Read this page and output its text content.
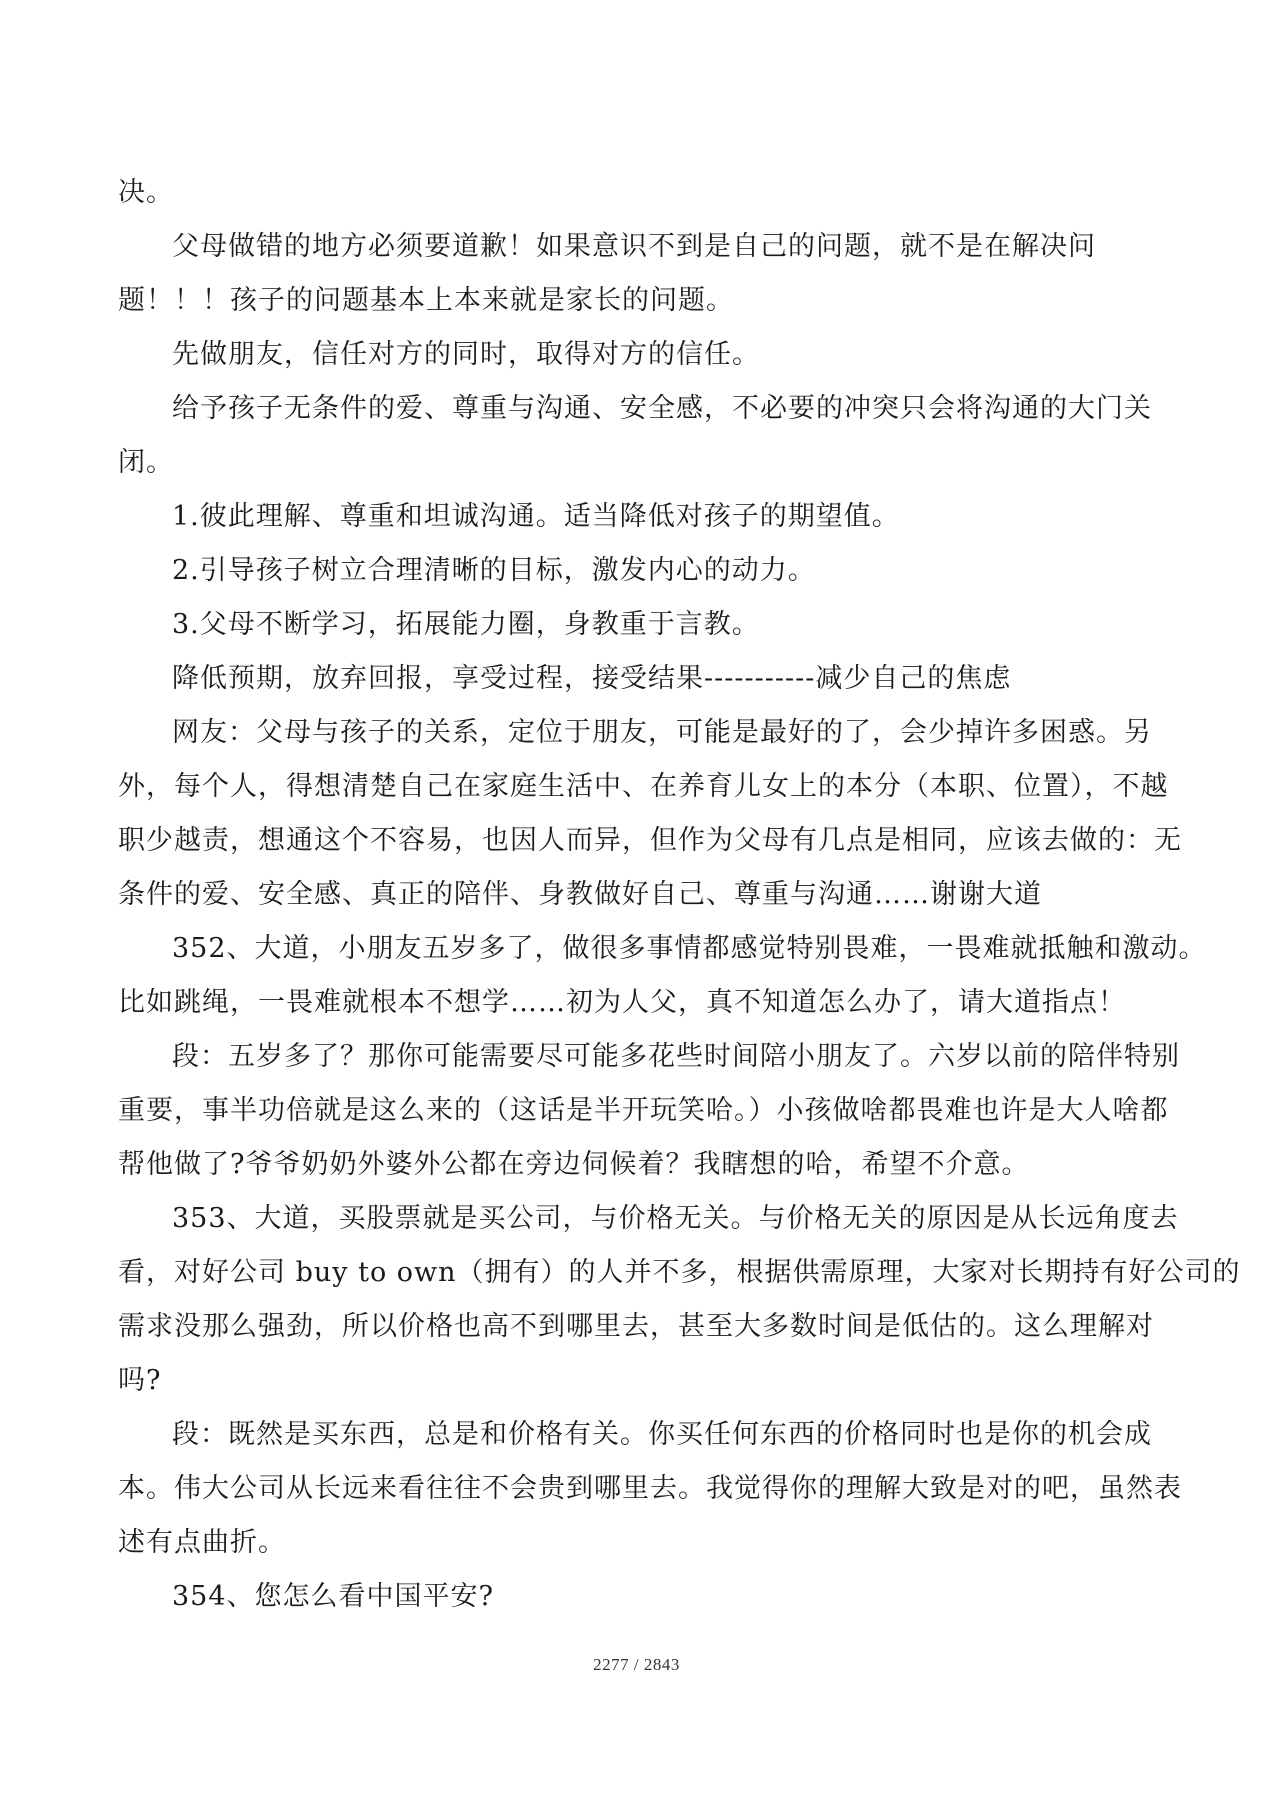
决。

父母做错的地方必须要道歉！如果意识不到是自己的问题，就不是在解决问
题！！！孩子的问题基本上本来就是家长的问题。

先做朋友，信任对方的同时，取得对方的信任。

给予孩子无条件的爱、尊重与沟通、安全感，不必要的冲突只会将沟通的大门关
闭。

1.彼此理解、尊重和坦诚沟通。适当降低对孩子的期望值。

2.引导孩子树立合理清晰的目标，激发内心的动力。

3.父母不断学习，拓展能力圈，身教重于言教。

降低预期，放弃回报，享受过程，接受结果-----------减少自己的焦虑

网友：父母与孩子的关系，定位于朋友，可能是最好的了，会少掉许多困惑。另
外，每个人，得想清楚自己在家庭生活中、在养育儿女上的本分（本职、位置），不越
职少越责，想通这个不容易，也因人而异，但作为父母有几点是相同，应该去做的：无
条件的爱、安全感、真正的陪伴、身教做好自己、尊重与沟通……谢谢大道

352、大道，小朋友五岁多了，做很多事情都感觉特别畏难，一畏难就抵触和激动。
比如跳绳，一畏难就根本不想学……初为人父，真不知道怎么办了，请大道指点！

段：五岁多了？那你可能需要尽可能多花些时间陪小朋友了。六岁以前的陪伴特别
重要，事半功倍就是这么来的（这话是半开玩笑哈。）小孩做啥都畏难也许是大人啥都
帮他做了?爷爷奶奶外婆外公都在旁边伺候着？我瞎想的哈，希望不介意。

353、大道，买股票就是买公司，与价格无关。与价格无关的原因是从长远角度去
看，对好公司 buy to own（拥有）的人并不多，根据供需原理，大家对长期持有好公司的
需求没那么强劲，所以价格也高不到哪里去，甚至大多数时间是低估的。这么理解对
吗?

段：既然是买东西，总是和价格有关。你买任何东西的价格同时也是你的机会成
本。伟大公司从长远来看往往不会贵到哪里去。我觉得你的理解大致是对的吧，虽然表
述有点曲折。

354、您怎么看中国平安?

2277 / 2843
